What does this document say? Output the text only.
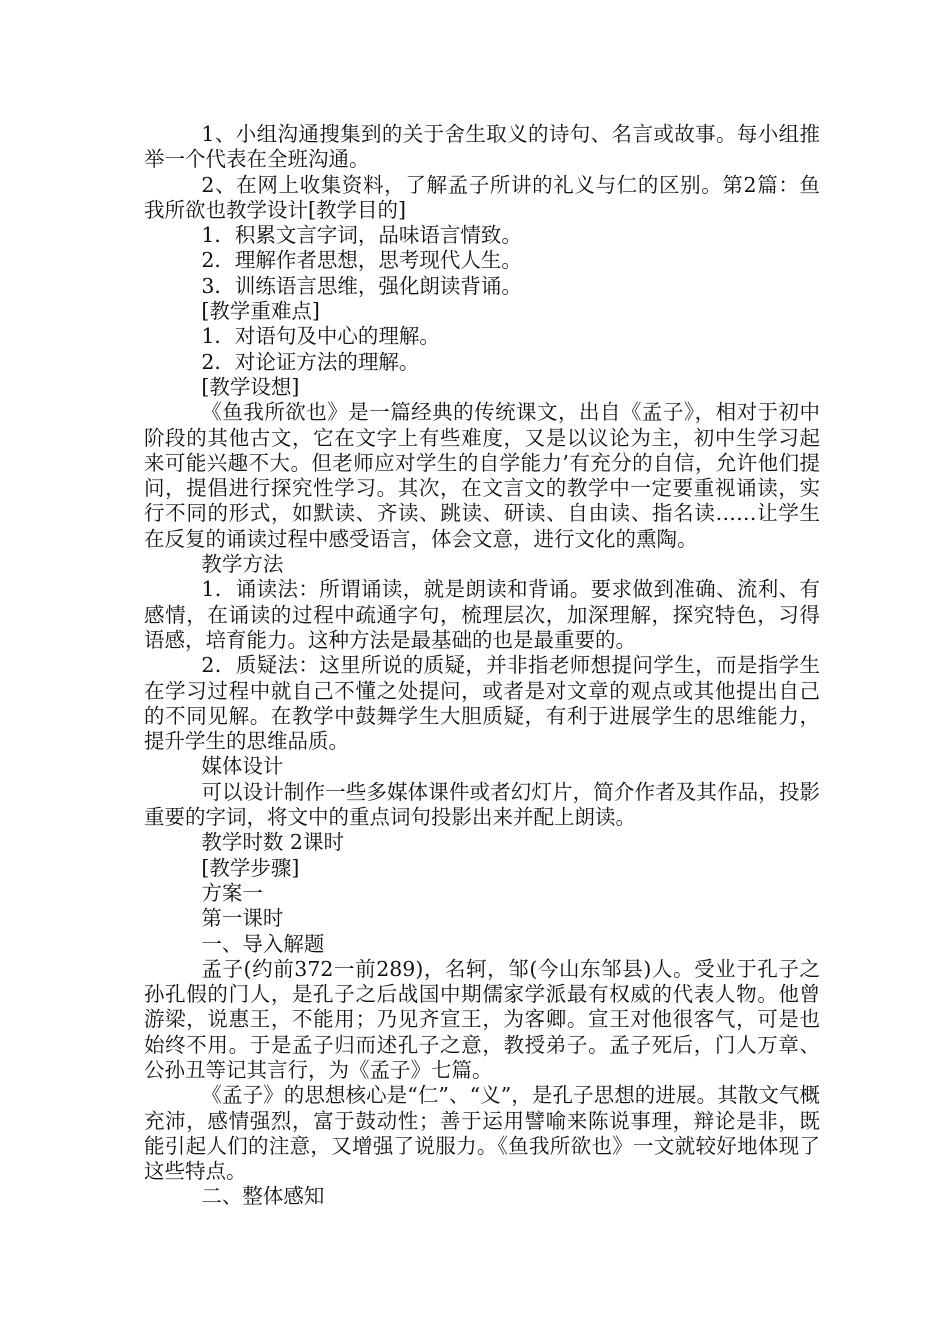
1、小组沟通搜集到的关于舍生取义的诗句、名言或故事。每小组推举一个代表在全班沟通。

2、在网上收集资料，了解孟子所讲的礼义与仁的区别。第2篇：鱼我所欲也教学设计[教学目的]

1．积累文言字词，品味语言情致。

2．理解作者思想，思考现代人生。

3．训练语言思维，强化朗读背诵。

[教学重难点]

1．对语句及中心的理解。

2．对论证方法的理解。

[教学设想]

《鱼我所欲也》是一篇经典的传统课文，出自《孟子》，相对于初中阶段的其他古文，它在文字上有些难度，又是以议论为主，初中生学习起来可能兴趣不大。但老师应对学生的自学能力’有充分的自信，允许他们提问，提倡进行探究性学习。其次，在文言文的教学中一定要重视诵读，实行不同的形式，如默读、齐读、跳读、研读、自由读、指名读……让学生在反复的诵读过程中感受语言，体会文意，进行文化的熏陶。

教学方法

1．诵读法：所谓诵读，就是朗读和背诵。要求做到准确、流利、有感情，在诵读的过程中疏通字句，梳理层次，加深理解，探究特色，习得语感，培育能力。这种方法是最基础的也是最重要的。

2．质疑法：这里所说的质疑，并非指老师想提问学生，而是指学生在学习过程中就自己不懂之处提问，或者是对文章的观点或其他提出自己的不同见解。在教学中鼓舞学生大胆质疑，有利于进展学生的思维能力，提升学生的思维品质。

媒体设计

可以设计制作一些多媒体课件或者幻灯片，简介作者及其作品，投影重要的字词，将文中的重点词句投影出来并配上朗读。

教学时数 2课时

[教学步骤]

方案一

第一课时

一、导入解题

孟子(约前372一前289)，名轲，邹(今山东邹县)人。受业于孔子之孙孔假的门人，是孔子之后战国中期儒家学派最有权威的代表人物。他曾游梁，说惠王，不能用；乃见齐宣王，为客卿。宣王对他很客气，可是也始终不用。于是孟子归而述孔子之意，教授弟子。孟子死后，门人万章、公孙丑等记其言行，为《孟子》七篇。

《孟子》的思想核心是“仁”、“义”，是孔子思想的进展。其散文气概充沛，感情强烈，富于鼓动性；善于运用譬喻来陈说事理，辩论是非，既能引起人们的注意，又增强了说服力。《鱼我所欲也》一文就较好地体现了这些特点。

二、整体感知
